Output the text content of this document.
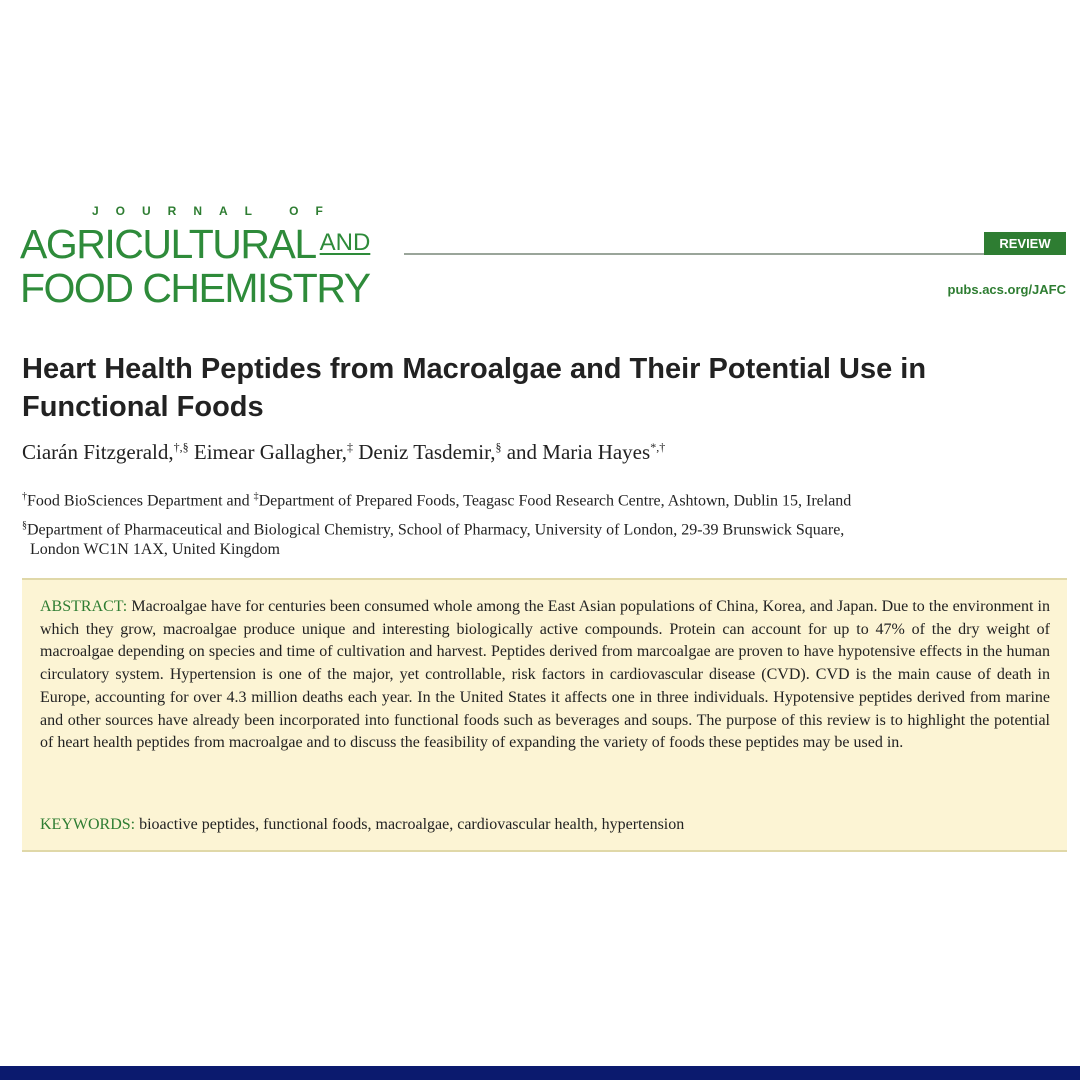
JOURNAL OF
AGRICULTURAL AND
FOOD CHEMISTRY
REVIEW
pubs.acs.org/JAFC
Heart Health Peptides from Macroalgae and Their Potential Use in Functional Foods
Ciarán Fitzgerald,†,§ Eimear Gallagher,‡ Deniz Tasdemir,§ and Maria Hayes*,†
†Food BioSciences Department and ‡Department of Prepared Foods, Teagasc Food Research Centre, Ashtown, Dublin 15, Ireland
§Department of Pharmaceutical and Biological Chemistry, School of Pharmacy, University of London, 29-39 Brunswick Square,
London WC1N 1AX, United Kingdom
ABSTRACT: Macroalgae have for centuries been consumed whole among the East Asian populations of China, Korea, and Japan. Due to the environment in which they grow, macroalgae produce unique and interesting biologically active compounds. Protein can account for up to 47% of the dry weight of macroalgae depending on species and time of cultivation and harvest. Peptides derived from marcoalgae are proven to have hypotensive effects in the human circulatory system. Hypertension is one of the major, yet controllable, risk factors in cardiovascular disease (CVD). CVD is the main cause of death in Europe, accounting for over 4.3 million deaths each year. In the United States it affects one in three individuals. Hypotensive peptides derived from marine and other sources have already been incorporated into functional foods such as beverages and soups. The purpose of this review is to highlight the potential of heart health peptides from macroalgae and to discuss the feasibility of expanding the variety of foods these peptides may be used in.
KEYWORDS: bioactive peptides, functional foods, macroalgae, cardiovascular health, hypertension
